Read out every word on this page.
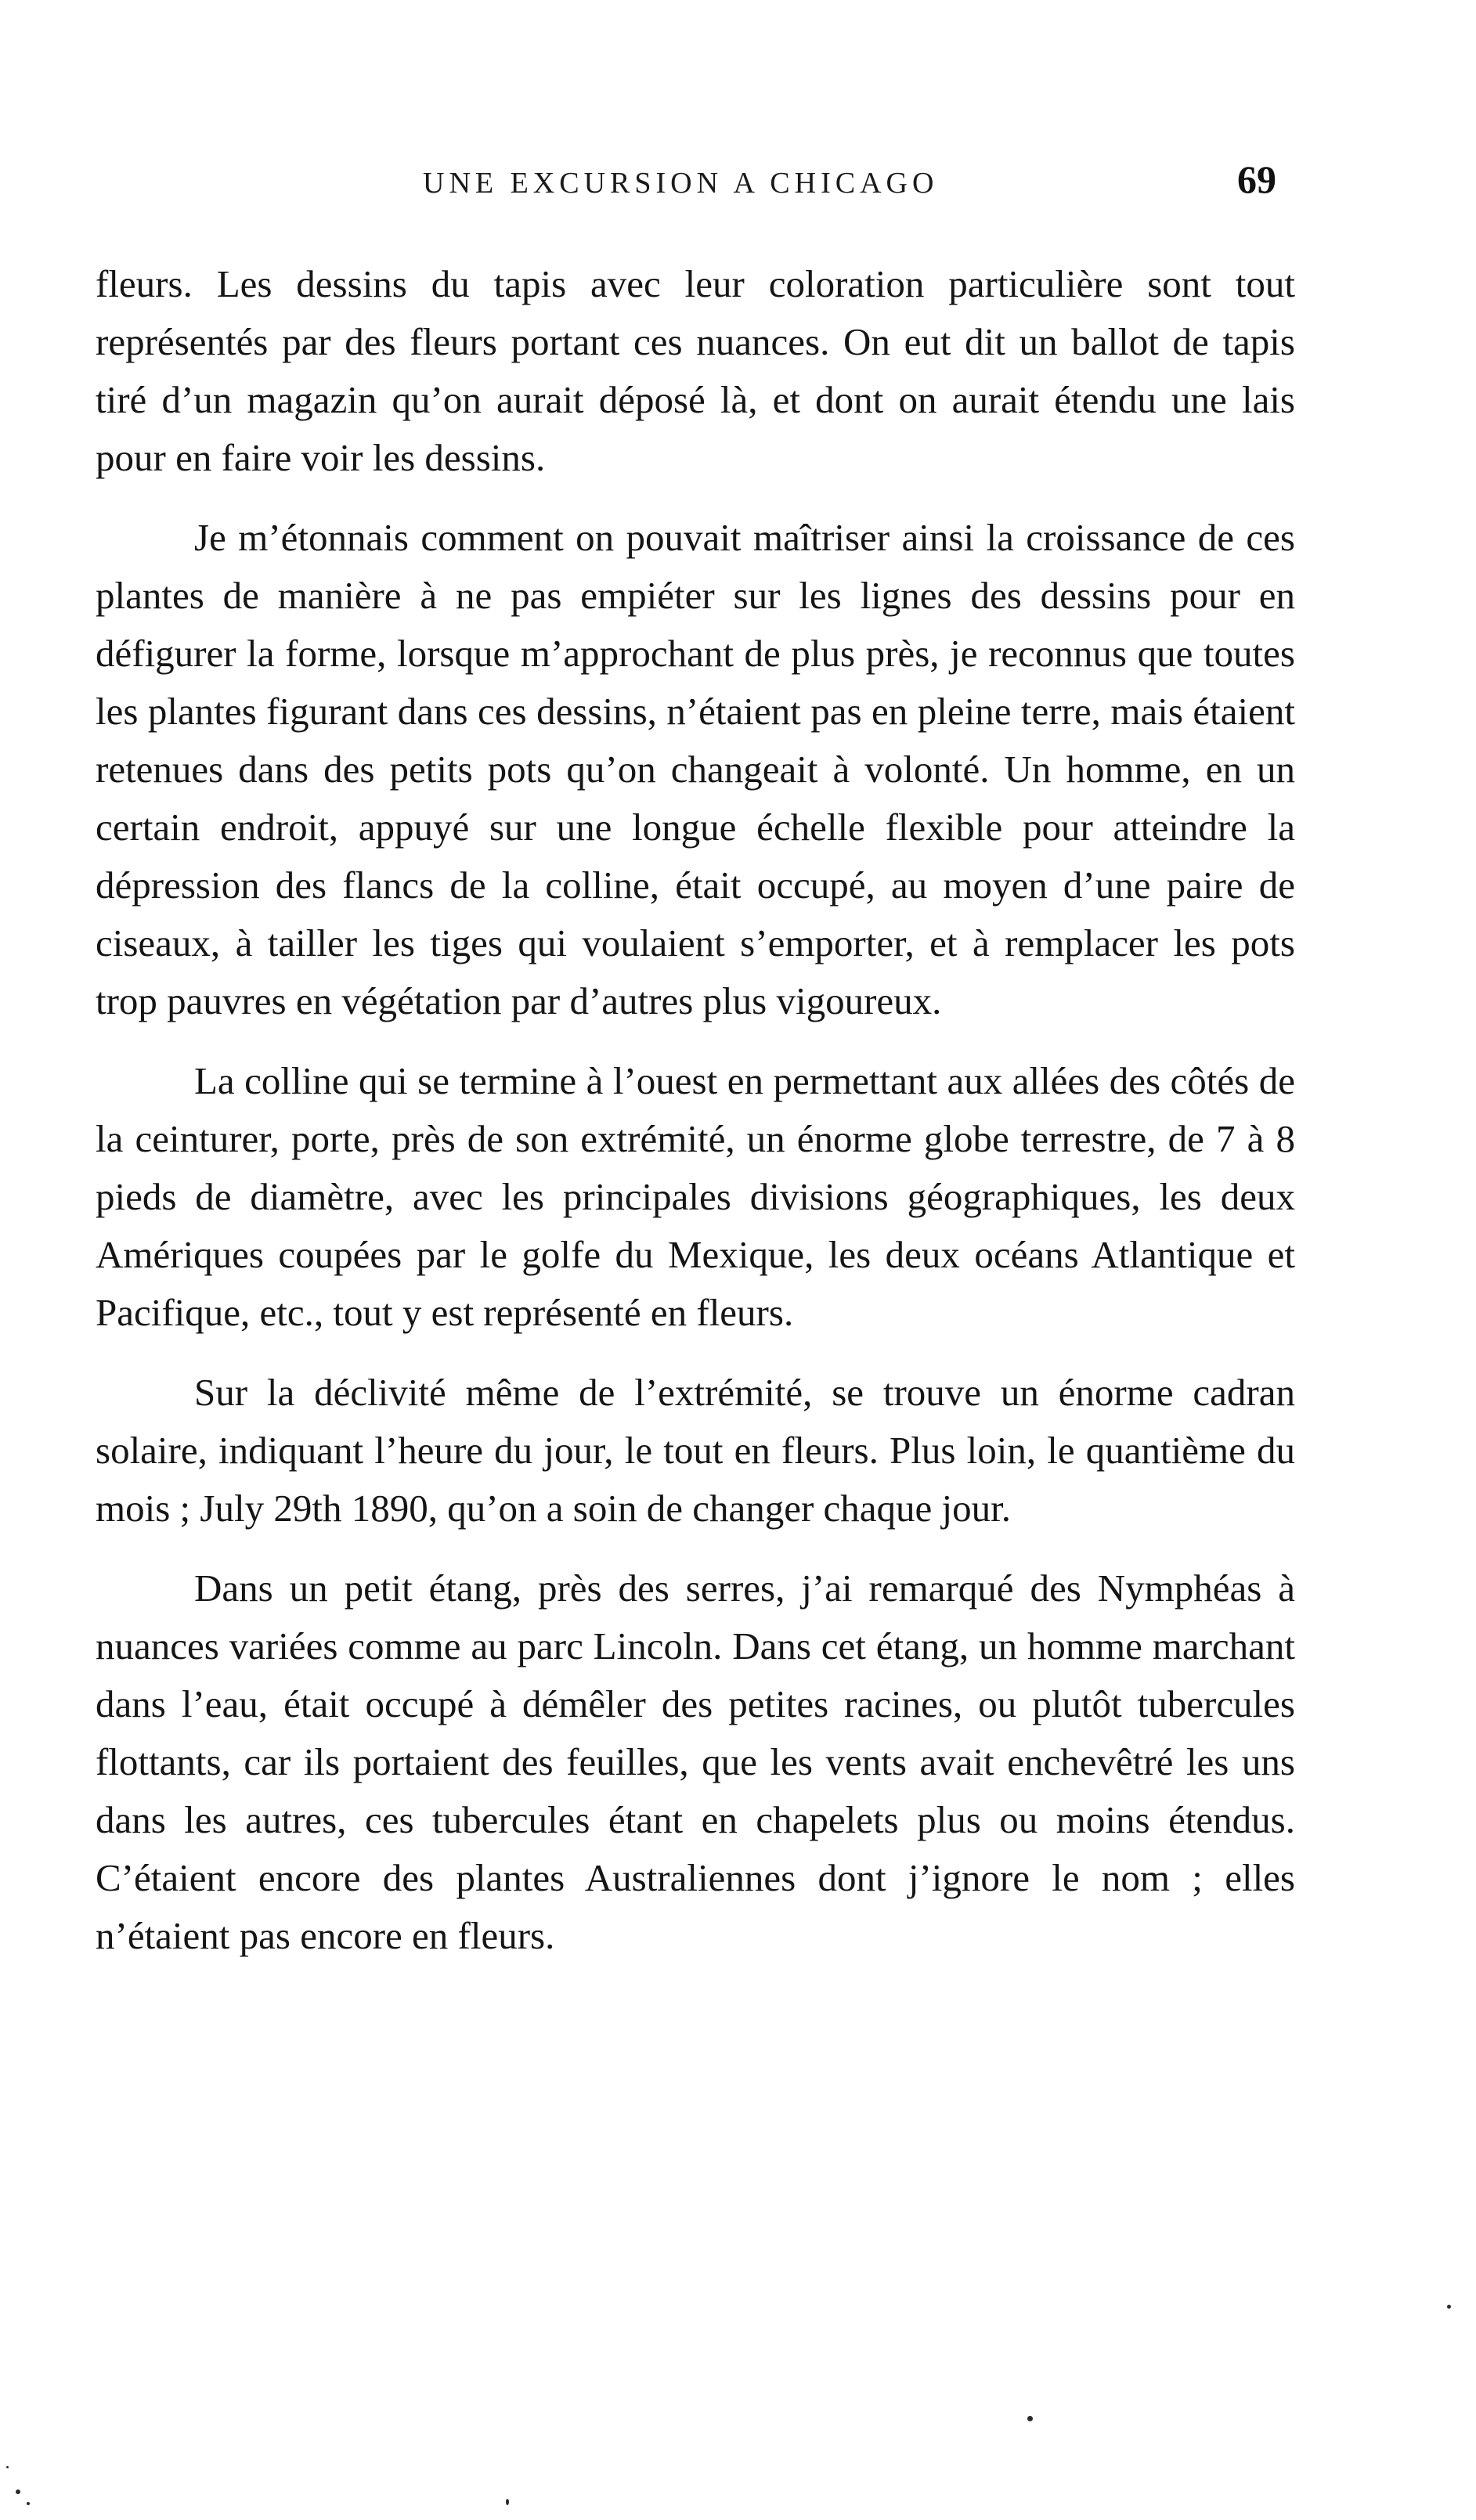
UNE EXCURSION A CHICAGO	69

fleurs. Les dessins du tapis avec leur coloration particulière sont tout représentés par des fleurs portant ces nuances. On eut dit un ballot de tapis tiré d’un magazin qu’on aurait déposé là, et dont on aurait étendu une lais pour en faire voir les dessins.

Je m’étonnais comment on pouvait maîtriser ainsi la croissance de ces plantes de manière à ne pas empiéter sur les lignes des dessins pour en défigurer la forme, lorsque m’approchant de plus près, je reconnus que toutes les plantes figurant dans ces dessins, n’étaient pas en pleine terre, mais étaient retenues dans des petits pots qu’on changeait à volonté. Un homme, en un certain endroit, appuyé sur une longue échelle flexible pour atteindre la dépression des flancs de la colline, était occupé, au moyen d’une paire de ciseaux, à tailler les tiges qui voulaient s’emporter, et à remplacer les pots trop pauvres en végétation par d’autres plus vigoureux.

La colline qui se termine à l’ouest en permettant aux allées des côtés de la ceinturer, porte, près de son extrémité, un énorme globe terrestre, de 7 à 8 pieds de diamètre, avec les principales divisions géographiques, les deux Amériques coupées par le golfe du Mexique, les deux océans Atlantique et Pacifique, etc., tout y est représenté en fleurs.

Sur la déclivité même de l’extrémité, se trouve un énorme cadran solaire, indiquant l’heure du jour, le tout en fleurs. Plus loin, le quantième du mois ; July 29th 1890, qu’on a soin de changer chaque jour.

Dans un petit étang, près des serres, j’ai remarqué des Nymphéas à nuances variées comme au parc Lincoln. Dans cet étang, un homme marchant dans l’eau, était occupé à démêler des petites racines, ou plutôt tubercules flottants, car ils portaient des feuilles, que les vents avait enchevêtré les uns dans les autres, ces tubercules étant en chapelets plus ou moins étendus. C’étaient encore des plantes Australiennes dont j’ignore le nom ; elles n’étaient pas encore en fleurs.
